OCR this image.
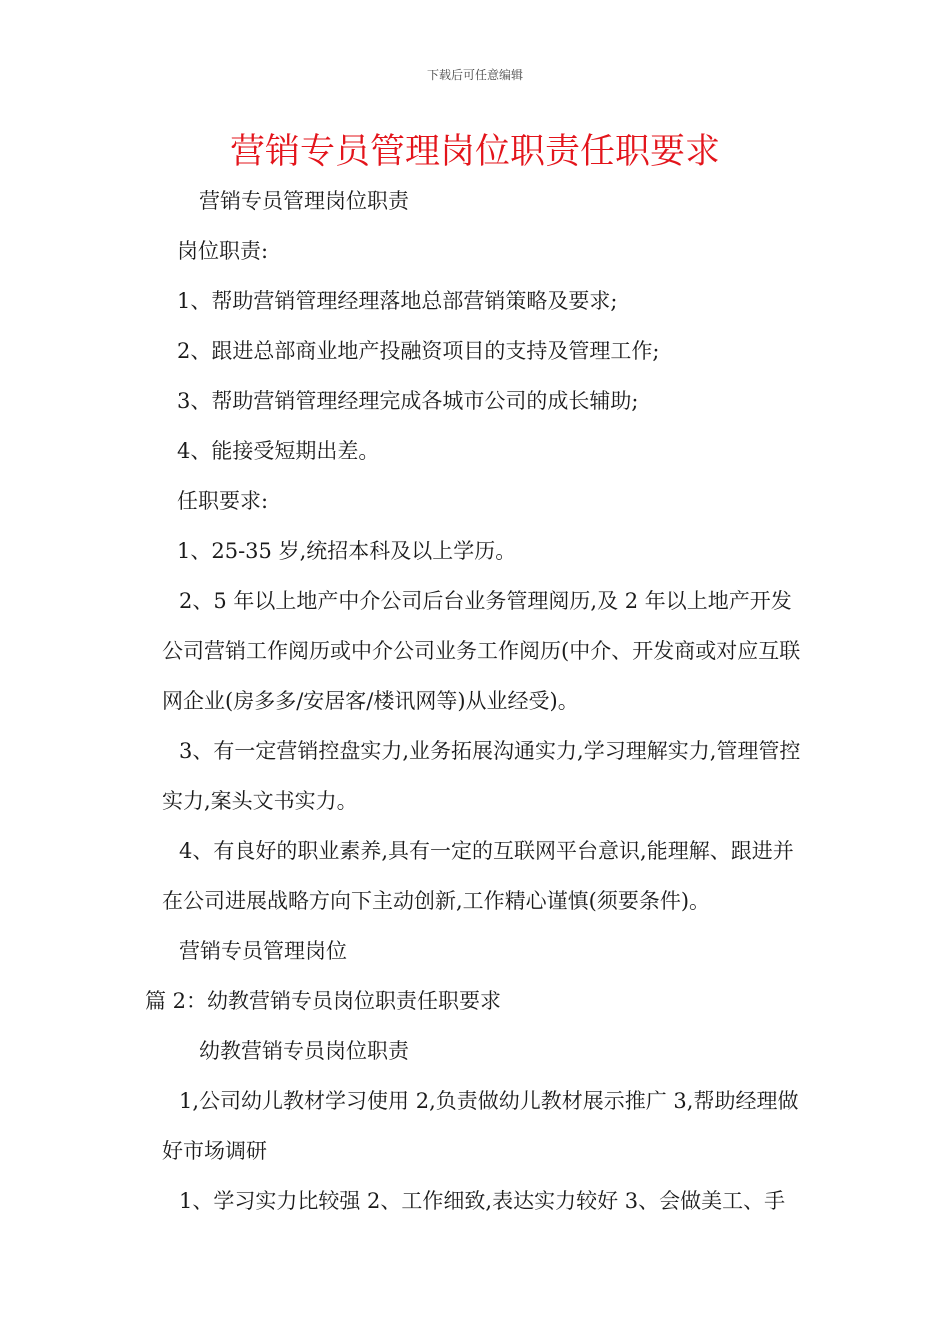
下载后可任意编辑
营销专员管理岗位职责任职要求

营销专员管理岗位职责

岗位职责:

1、帮助营销管理经理落地总部营销策略及要求;

2、跟进总部商业地产投融资项目的支持及管理工作;

3、帮助营销管理经理完成各城市公司的成长辅助;

4、能接受短期出差。

任职要求:

1、25-35 岁,统招本科及以上学历。

2、5 年以上地产中介公司后台业务管理阅历,及 2 年以上地产开发公司营销工作阅历或中介公司业务工作阅历(中介、开发商或对应互联网企业(房多多/安居客/楼讯网等)从业经受)。

3、有一定营销控盘实力,业务拓展沟通实力,学习理解实力,管理管控实力,案头文书实力。

4、有良好的职业素养,具有一定的互联网平台意识,能理解、跟进并在公司进展战略方向下主动创新,工作精心谨慎(须要条件)。

营销专员管理岗位

篇 2：幼教营销专员岗位职责任职要求

幼教营销专员岗位职责

1,公司幼儿教材学习使用 2,负责做幼儿教材展示推广 3,帮助经理做好市场调研

1、学习实力比较强 2、工作细致,表达实力较好 3、会做美工、手
